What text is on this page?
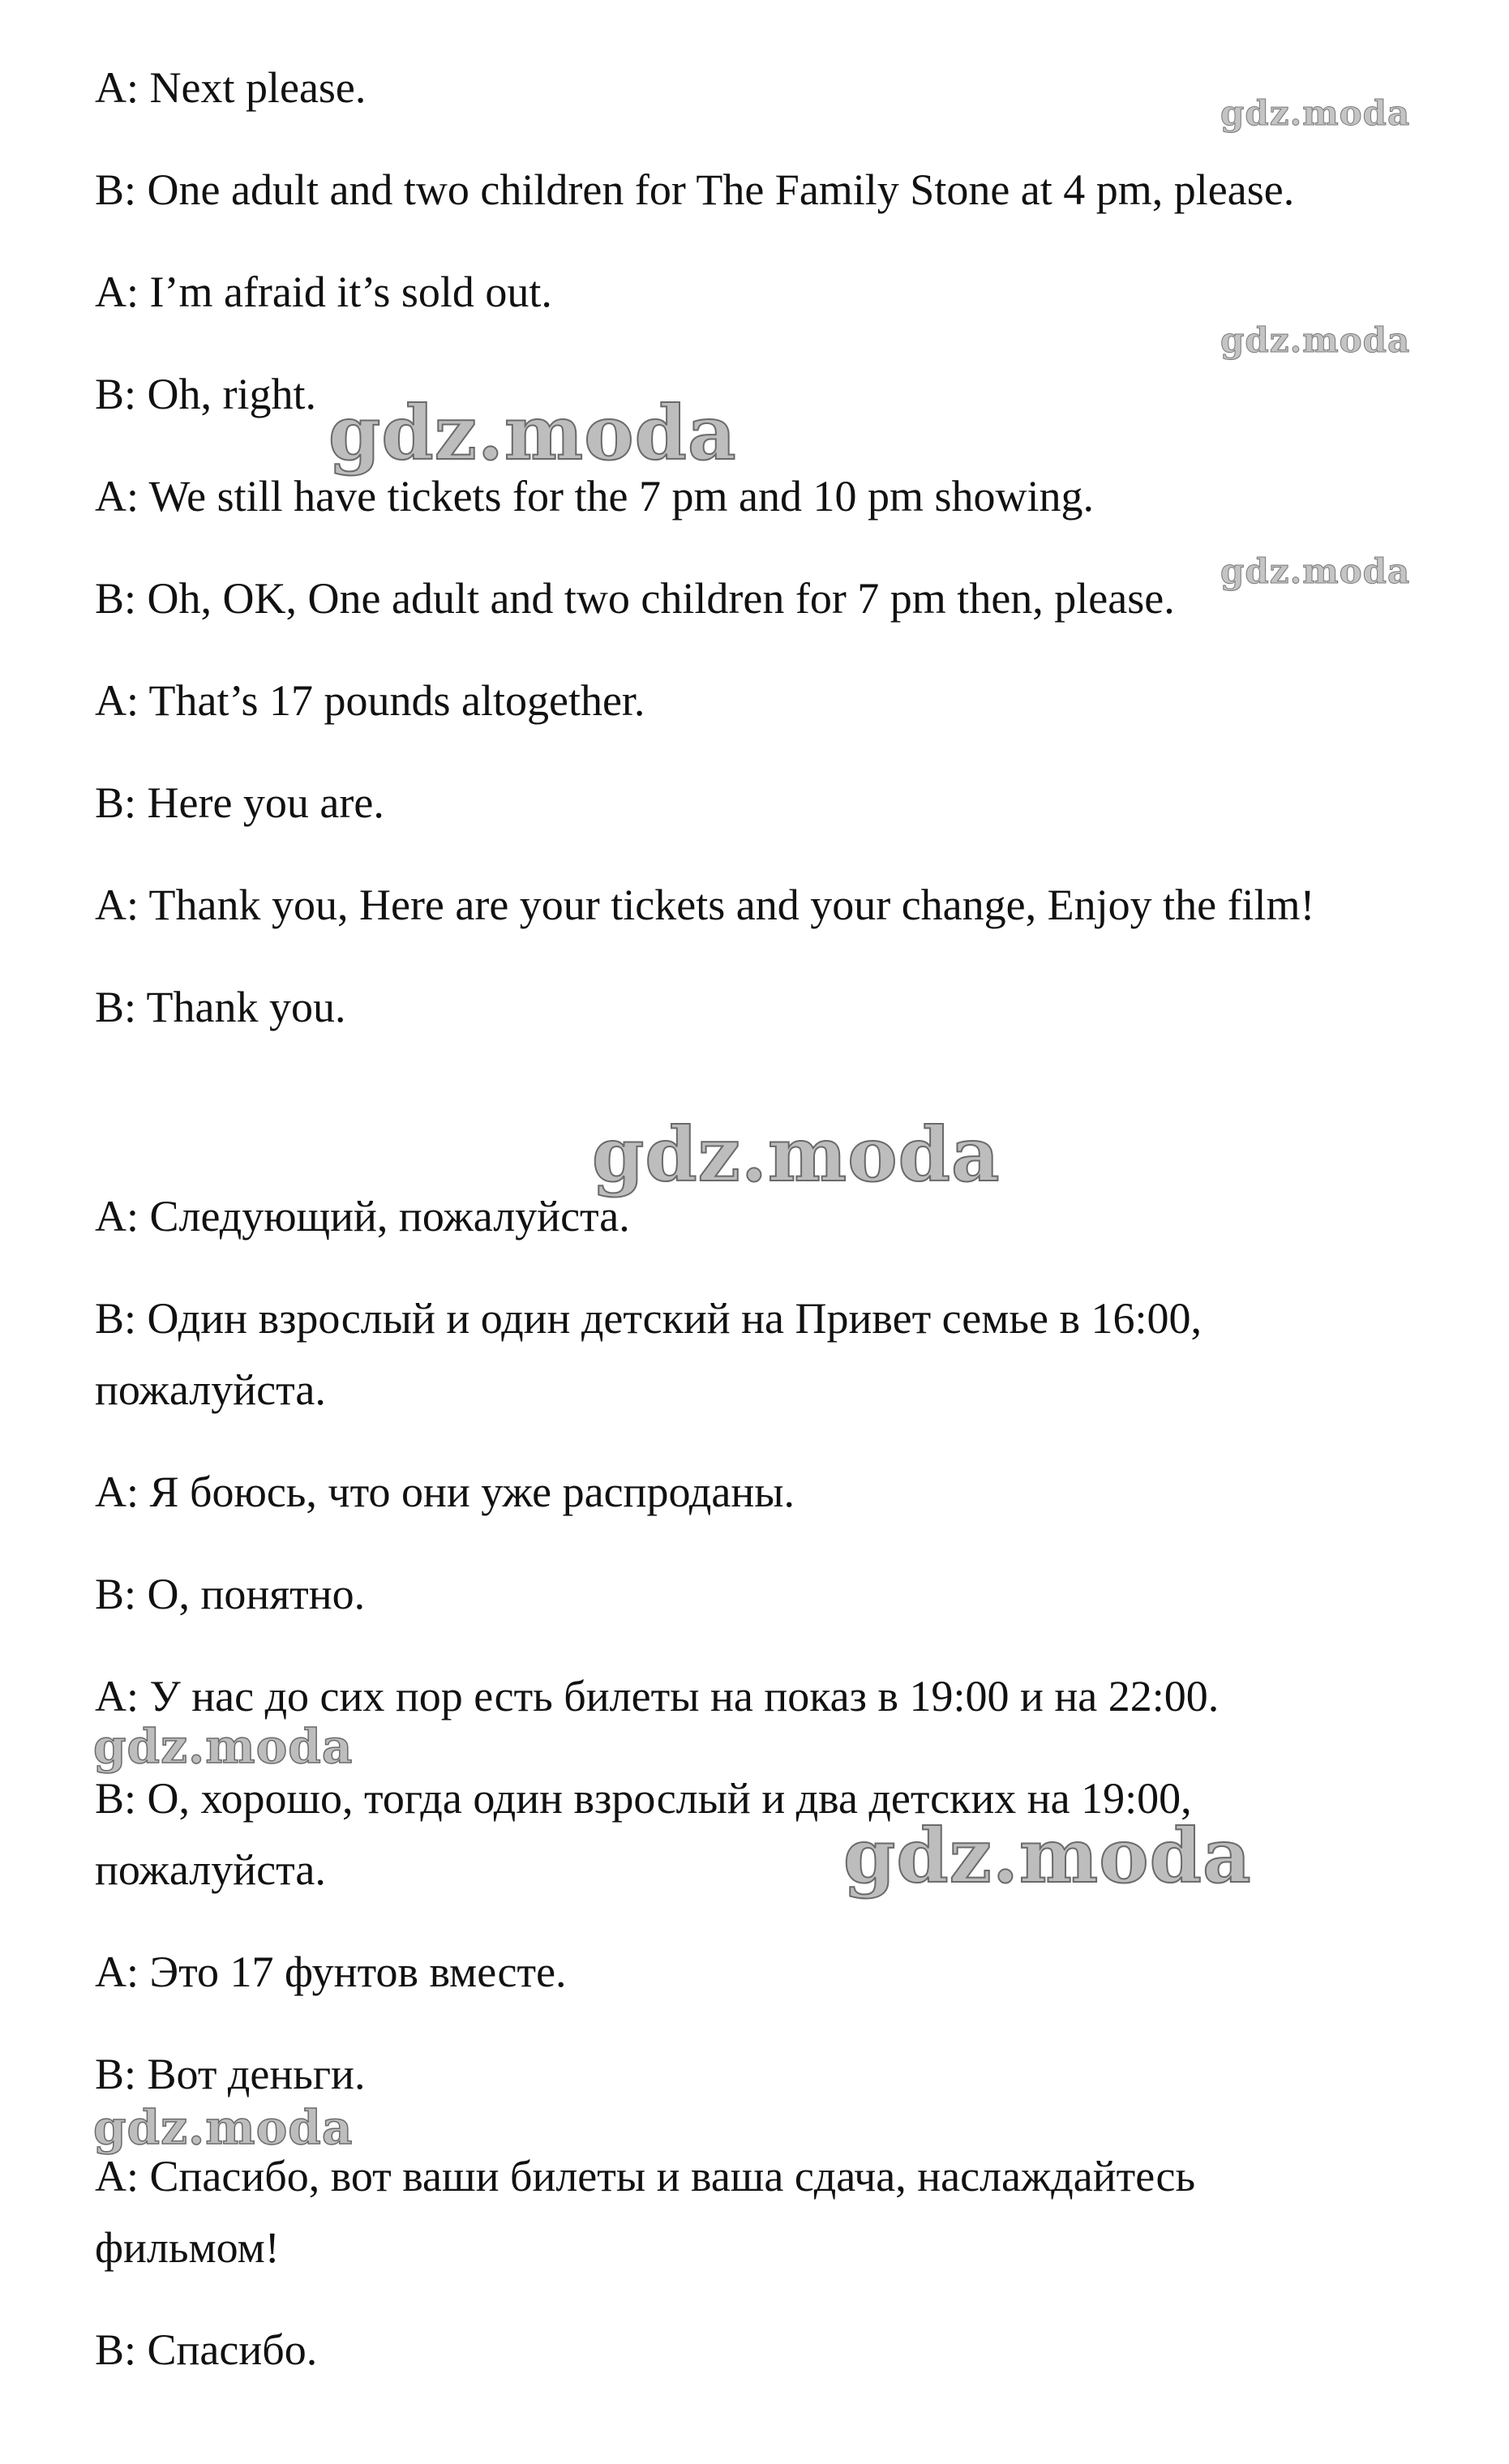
A: Next please.
B: One adult and two children for The Family Stone at 4 pm, please.
A: I’m afraid it’s sold out.
B: Oh, right.
A: We still have tickets for the 7 pm and 10 pm showing.
B: Oh, OK, One adult and two children for 7 pm then, please.
A: That’s 17 pounds altogether.
B: Here you are.
A: Thank you, Here are your tickets and your change, Enjoy the film!
B: Thank you.
A: Следующий, пожалуйста.
B: Один взрослый и один детский на Привет семье в 16:00,
пожалуйста.
A: Я боюсь, что они уже распроданы.
B: О, понятно.
A: У нас до сих пор есть билеты на показ в 19:00 и на 22:00.
B: О, хорошо, тогда один взрослый и два детских на 19:00,
пожалуйста.
A: Это 17 фунтов вместе.
B: Вот деньги.
A: Спасибо, вот ваши билеты и ваша сдача, наслаждайтесь
фильмом!
B: Спасибо.
gdz.moda
gdz.moda
gdz.moda
gdz.moda
gdz.moda
gdz.moda
gdz.moda
gdz.moda
